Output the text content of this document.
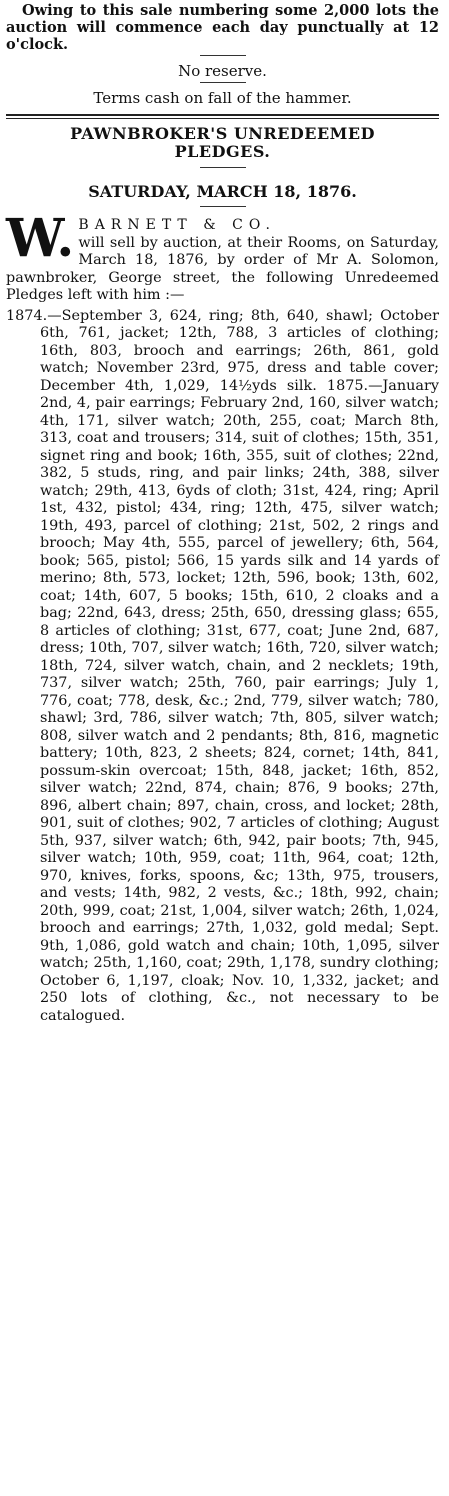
Owing to this sale numbering some 2,000 lots the auction will commence each day punctually at 12 o'clock.

No reserve.

Terms cash on fall of the hammer.

PAWNBROKER'S UNREDEEMED PLEDGES.
SATURDAY, MARCH 18, 1876.

W. BARNETT & CO.
will sell by auction, at their Rooms, on Saturday, March 18, 1876, by order of Mr A. Solomon, pawnbroker, George street, the following Unredeemed Pledges left with him :—

1874.—September 3, 624, ring; 8th, 640, shawl; October 6th, 761, jacket; 12th, 788, 3 articles of clothing; 16th, 803, brooch and earrings; 26th, 861, gold watch; November 23rd, 975, dress and table cover; December 4th, 1,029, 14½yds silk. 1875.—January 2nd, 4, pair earrings; February 2nd, 160, silver watch; 4th, 171, silver watch; 20th, 255, coat; March 8th, 313, coat and trousers; 314, suit of clothes; 15th, 351, signet ring and book; 16th, 355, suit of clothes; 22nd, 382, 5 studs, ring, and pair links; 24th, 388, silver watch; 29th, 413, 6yds of cloth; 31st, 424, ring; April 1st, 432, pistol; 434, ring; 12th, 475, silver watch; 19th, 493, parcel of clothing; 21st, 502, 2 rings and brooch; May 4th, 555, parcel of jewellery; 6th, 564, book; 565, pistol; 566, 15 yards silk and 14 yards of merino; 8th, 573, locket; 12th, 596, book; 13th, 602, coat; 14th, 607, 5 books; 15th, 610, 2 cloaks and a bag; 22nd, 643, dress; 25th, 650, dressing glass; 655, 8 articles of clothing; 31st, 677, coat; June 2nd, 687, dress; 10th, 707, silver watch; 16th, 720, silver watch; 18th, 724, silver watch, chain, and 2 necklets; 19th, 737, silver watch; 25th, 760, pair earrings; July 1, 776, coat; 778, desk, &c.; 2nd, 779, silver watch; 780, shawl; 3rd, 786, silver watch; 7th, 805, silver watch; 808, silver watch and 2 pendants; 8th, 816, magnetic battery; 10th, 823, 2 sheets; 824, cornet; 14th, 841, possum-skin overcoat; 15th, 848, jacket; 16th, 852, silver watch; 22nd, 874, chain; 876, 9 books; 27th, 896, albert chain; 897, chain, cross, and locket; 28th, 901, suit of clothes; 902, 7 articles of clothing; August 5th, 937, silver watch; 6th, 942, pair boots; 7th, 945, silver watch; 10th, 959, coat; 11th, 964, coat; 12th, 970, knives, forks, spoons, &c; 13th, 975, trousers, and vests; 14th, 982, 2 vests, &c.; 18th, 992, chain; 20th, 999, coat; 21st, 1,004, silver watch; 26th, 1,024, brooch and earrings; 27th, 1,032, gold medal; Sept. 9th, 1,086, gold watch and chain; 10th, 1,095, silver watch; 25th, 1,160, coat; 29th, 1,178, sundry clothing; October 6, 1,197, cloak; Nov. 10, 1,332, jacket; and 250 lots of clothing, &c., not necessary to be catalogued.
